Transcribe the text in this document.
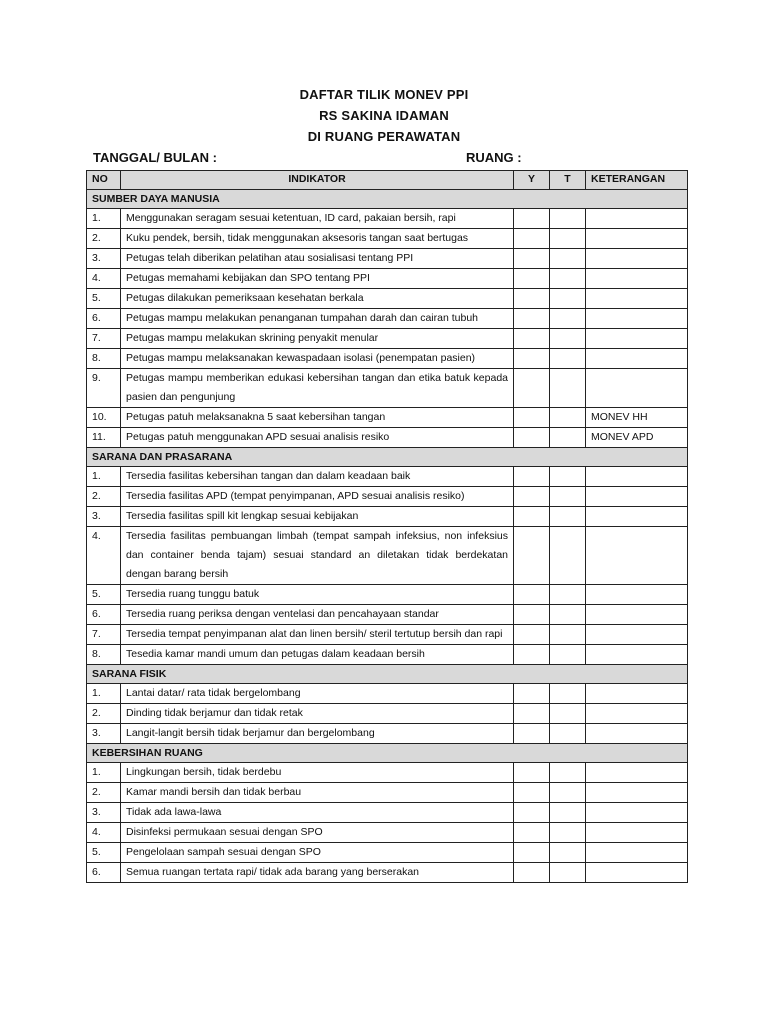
DAFTAR TILIK MONEV PPI
RS SAKINA IDAMAN
DI RUANG PERAWATAN
TANGGAL/ BULAN :	RUANG :
NO	INDIKATOR	Y	T	KETERANGAN
SUMBER DAYA MANUSIA				
1.	Menggunakan seragam sesuai ketentuan, ID card, pakaian bersih, rapi			
2.	Kuku pendek, bersih, tidak menggunakan aksesoris tangan saat bertugas			
3.	Petugas telah diberikan pelatihan atau sosialisasi tentang PPI			
4.	Petugas memahami kebijakan dan SPO tentang PPI			
5.	Petugas dilakukan pemeriksaan kesehatan berkala			
6.	Petugas mampu melakukan penanganan tumpahan darah dan cairan tubuh			
7.	Petugas mampu melakukan skrining penyakit menular			
8.	Petugas mampu melaksanakan kewaspadaan isolasi (penempatan pasien)			
9.	Petugas mampu memberikan edukasi kebersihan tangan dan etika batuk kepada pasien dan pengunjung			
10.	Petugas patuh melaksanakna 5 saat kebersihan tangan			MONEV HH
11.	Petugas patuh menggunakan APD sesuai analisis resiko			MONEV APD
SARANA DAN PRASARANA				
1.	Tersedia fasilitas kebersihan tangan dan dalam keadaan baik			
2.	Tersedia fasilitas APD (tempat penyimpanan, APD sesuai analisis resiko)			
3.	Tersedia fasilitas spill kit lengkap sesuai kebijakan			
4.	Tersedia fasilitas pembuangan limbah (tempat sampah infeksius, non infeksius dan container benda tajam) sesuai standard an diletakan tidak berdekatan dengan barang bersih			
5.	Tersedia ruang tunggu batuk			
6.	Tersedia ruang periksa dengan ventelasi dan pencahayaan standar			
7.	Tersedia tempat penyimpanan alat dan linen bersih/ steril tertutup bersih dan rapi			
8.	Tesedia kamar mandi umum dan petugas dalam keadaan bersih			
SARANA FISIK				
1.	Lantai datar/ rata tidak bergelombang			
2.	Dinding tidak berjamur dan tidak retak			
3.	Langit-langit bersih tidak berjamur dan bergelombang			
KEBERSIHAN RUANG				
1.	Lingkungan bersih, tidak berdebu			
2.	Kamar mandi bersih dan tidak berbau			
3.	Tidak ada lawa-lawa			
4.	Disinfeksi permukaan sesuai dengan SPO			
5.	Pengelolaan sampah sesuai dengan SPO			
6.	Semua ruangan tertata rapi/ tidak ada barang yang berserakan			
